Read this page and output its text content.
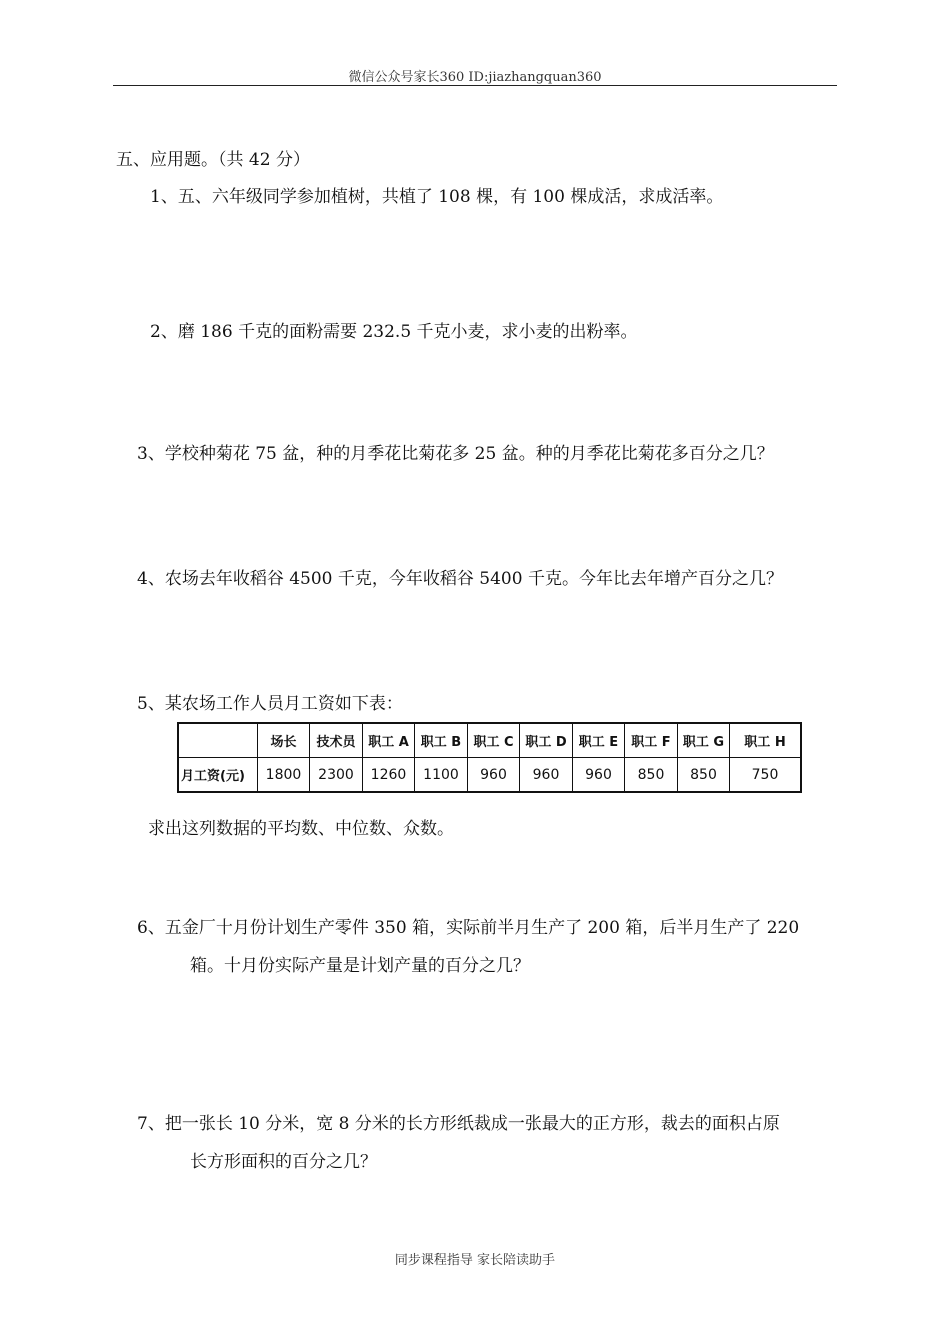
微信公众号家长360 ID:jiazhangquan360
五、应用题。（共 42 分）
1、五、六年级同学参加植树，共植了 108 棵，有 100 棵成活，求成活率。
2、磨 186 千克的面粉需要 232.5 千克小麦，求小麦的出粉率。
3、学校种菊花 75 盆，种的月季花比菊花多 25 盆。种的月季花比菊花多百分之几？
4、农场去年收稻谷 4500 千克，今年收稻谷 5400 千克。今年比去年增产百分之几？
5、某农场工作人员月工资如下表：
	场长	技术员	职工 A	职工 B	职工 C	职工 D	职工 E	职工 F	职工 G	职工 H
月工资(元)	1800	2300	1260	1100	960	960	960	850	850	750
求出这列数据的平均数、中位数、众数。
6、五金厂十月份计划生产零件 350 箱，实际前半月生产了 200 箱，后半月生产了 220
箱。十月份实际产量是计划产量的百分之几？
7、把一张长 10 分米，宽 8 分米的长方形纸裁成一张最大的正方形，裁去的面积占原
长方形面积的百分之几？
同步课程指导 家长陪读助手
